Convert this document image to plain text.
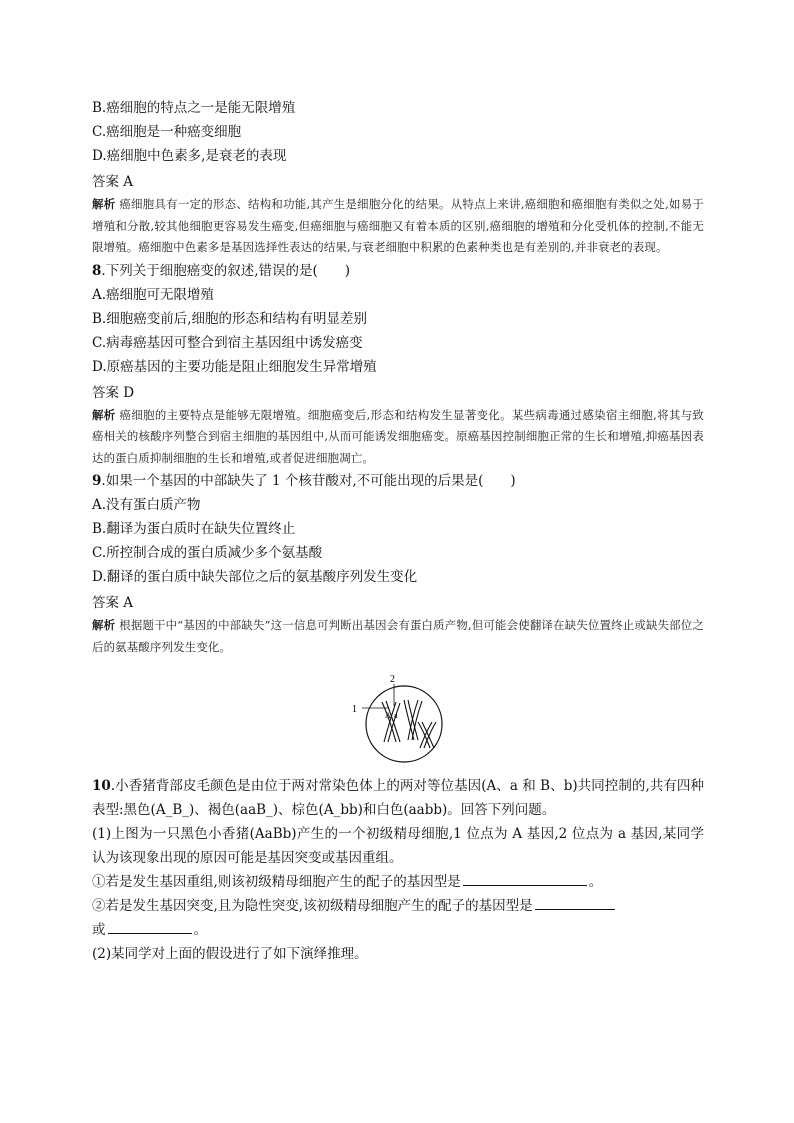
B.癌细胞的特点之一是能无限增殖
C.癌细胞是一种癌变细胞
D.癌细胞中色素多,是衰老的表现
答案 A
解析 癌细胞具有一定的形态、结构和功能,其产生是细胞分化的结果。从特点上来讲,癌细胞和癌细胞有类似之处,如易于增殖和分散,较其他细胞更容易发生癌变,但癌细胞与癌细胞又有着本质的区别,癌细胞的增殖和分化受机体的控制,不能无限增殖。癌细胞中色素多是基因选择性表达的结果,与衰老细胞中积累的色素种类也是有差别的,并非衰老的表现。
8.下列关于细胞癌变的叙述,错误的是(　　)
A.癌细胞可无限增殖
B.细胞癌变前后,细胞的形态和结构有明显差别
C.病毒癌基因可整合到宿主基因组中诱发癌变
D.原癌基因的主要功能是阻止细胞发生异常增殖
答案 D
解析 癌细胞的主要特点是能够无限增殖。细胞癌变后,形态和结构发生显著变化。某些病毒通过感染宿主细胞,将其与致癌相关的核酸序列整合到宿主细胞的基因组中,从而可能诱发细胞癌变。原癌基因控制细胞正常的生长和增殖,抑癌基因表达的蛋白质抑制细胞的生长和增殖,或者促进细胞凋亡。
9.如果一个基因的中部缺失了 1 个核苷酸对,不可能出现的后果是(　　)
A.没有蛋白质产物
B.翻译为蛋白质时在缺失位置终止
C.所控制合成的蛋白质减少多个氨基酸
D.翻译的蛋白质中缺失部位之后的氨基酸序列发生变化
答案 A
解析 根据题干中“基因的中部缺失”这一信息可判断出基因会有蛋白质产物,但可能会使翻译在缺失位置终止或缺失部位之后的氨基酸序列发生变化。
1
2
A a

10.小香猪背部皮毛颜色是由位于两对常染色体上的两对等位基因(A、a 和 B、b)共同控制的,共有四种表型:黑色(A_B_)、褐色(aaB_)、棕色(A_bb)和白色(aabb)。回答下列问题。

(1)上图为一只黑色小香猪(AaBb)产生的一个初级精母细胞,1 位点为 A 基因,2 位点为 a 基因,某同学认为该现象出现的原因可能是基因突变或基因重组。

①若是发生基因重组,则该初级精母细胞产生的配子的基因型是	。

②若是发生基因突变,且为隐性突变,该初级精母细胞产生的配子的基因型是

或	。

(2)某同学对上面的假设进行了如下演绎推理。
